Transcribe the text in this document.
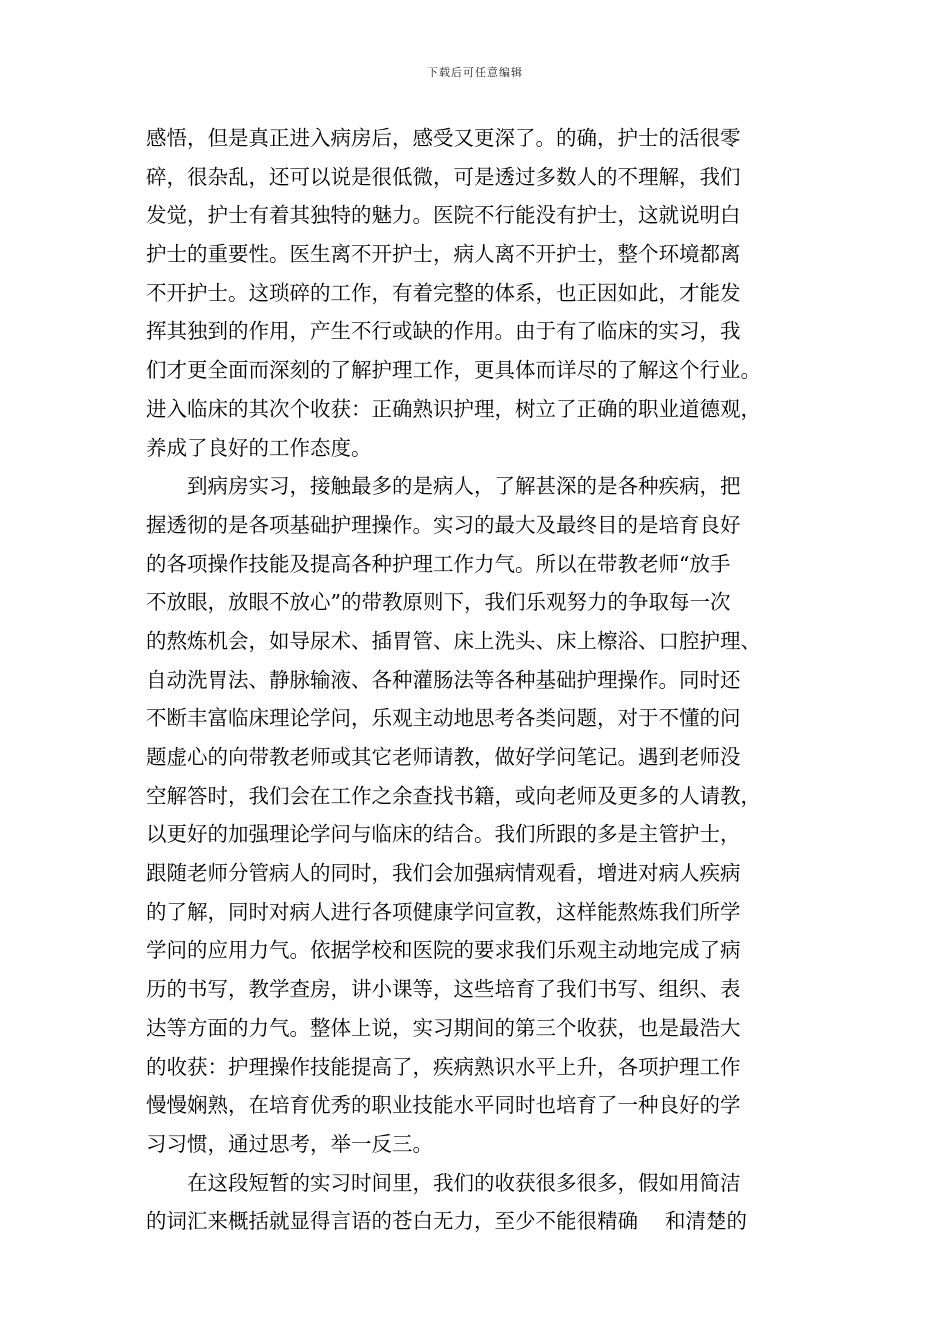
下载后可任意编辑
感悟，但是真正进入病房后，感受又更深了。的确，护士的活很零
碎，很杂乱，还可以说是很低微，可是透过多数人的不理解，我们
发觉，护士有着其独特的魅力。医院不行能没有护士，这就说明白
护士的重要性。医生离不开护士，病人离不开护士，整个环境都离
不开护士。这琐碎的工作，有着完整的体系，也正因如此，才能发
挥其独到的作用，产生不行或缺的作用。由于有了临床的实习，我
们才更全面而深刻的了解护理工作，更具体而详尽的了解这个行业。
进入临床的其次个收获：正确熟识护理，树立了正确的职业道德观，
养成了良好的工作态度。
到病房实习，接触最多的是病人，了解甚深的是各种疾病，把
握透彻的是各项基础护理操作。实习的最大及最终目的是培育良好
的各项操作技能及提高各种护理工作力气。所以在带教老师“放手
不放眼，放眼不放心”的带教原则下，我们乐观努力的争取每一次
的熬炼机会，如导尿术、插胃管、床上洗头、床上檫浴、口腔护理、
自动洗胃法、静脉输液、各种灌肠法等各种基础护理操作。同时还
不断丰富临床理论学问，乐观主动地思考各类问题，对于不懂的问
题虚心的向带教老师或其它老师请教，做好学问笔记。遇到老师没
空解答时，我们会在工作之余查找书籍，或向老师及更多的人请教，
以更好的加强理论学问与临床的结合。我们所跟的多是主管护士，
跟随老师分管病人的同时，我们会加强病情观看，增进对病人疾病
的了解，同时对病人进行各项健康学问宣教，这样能熬炼我们所学
学问的应用力气。依据学校和医院的要求我们乐观主动地完成了病
历的书写，教学查房，讲小课等，这些培育了我们书写、组织、表
达等方面的力气。整体上说，实习期间的第三个收获，也是最浩大
的收获：护理操作技能提高了，疾病熟识水平上升，各项护理工作
慢慢娴熟，在培育优秀的职业技能水平同时也培育了一种良好的学
习习惯，通过思考，举一反三。
在这段短暂的实习时间里，我们的收获很多很多，假如用简洁
的词汇来概括就显得言语的苍白无力，至少不能很精确　 和清楚的
